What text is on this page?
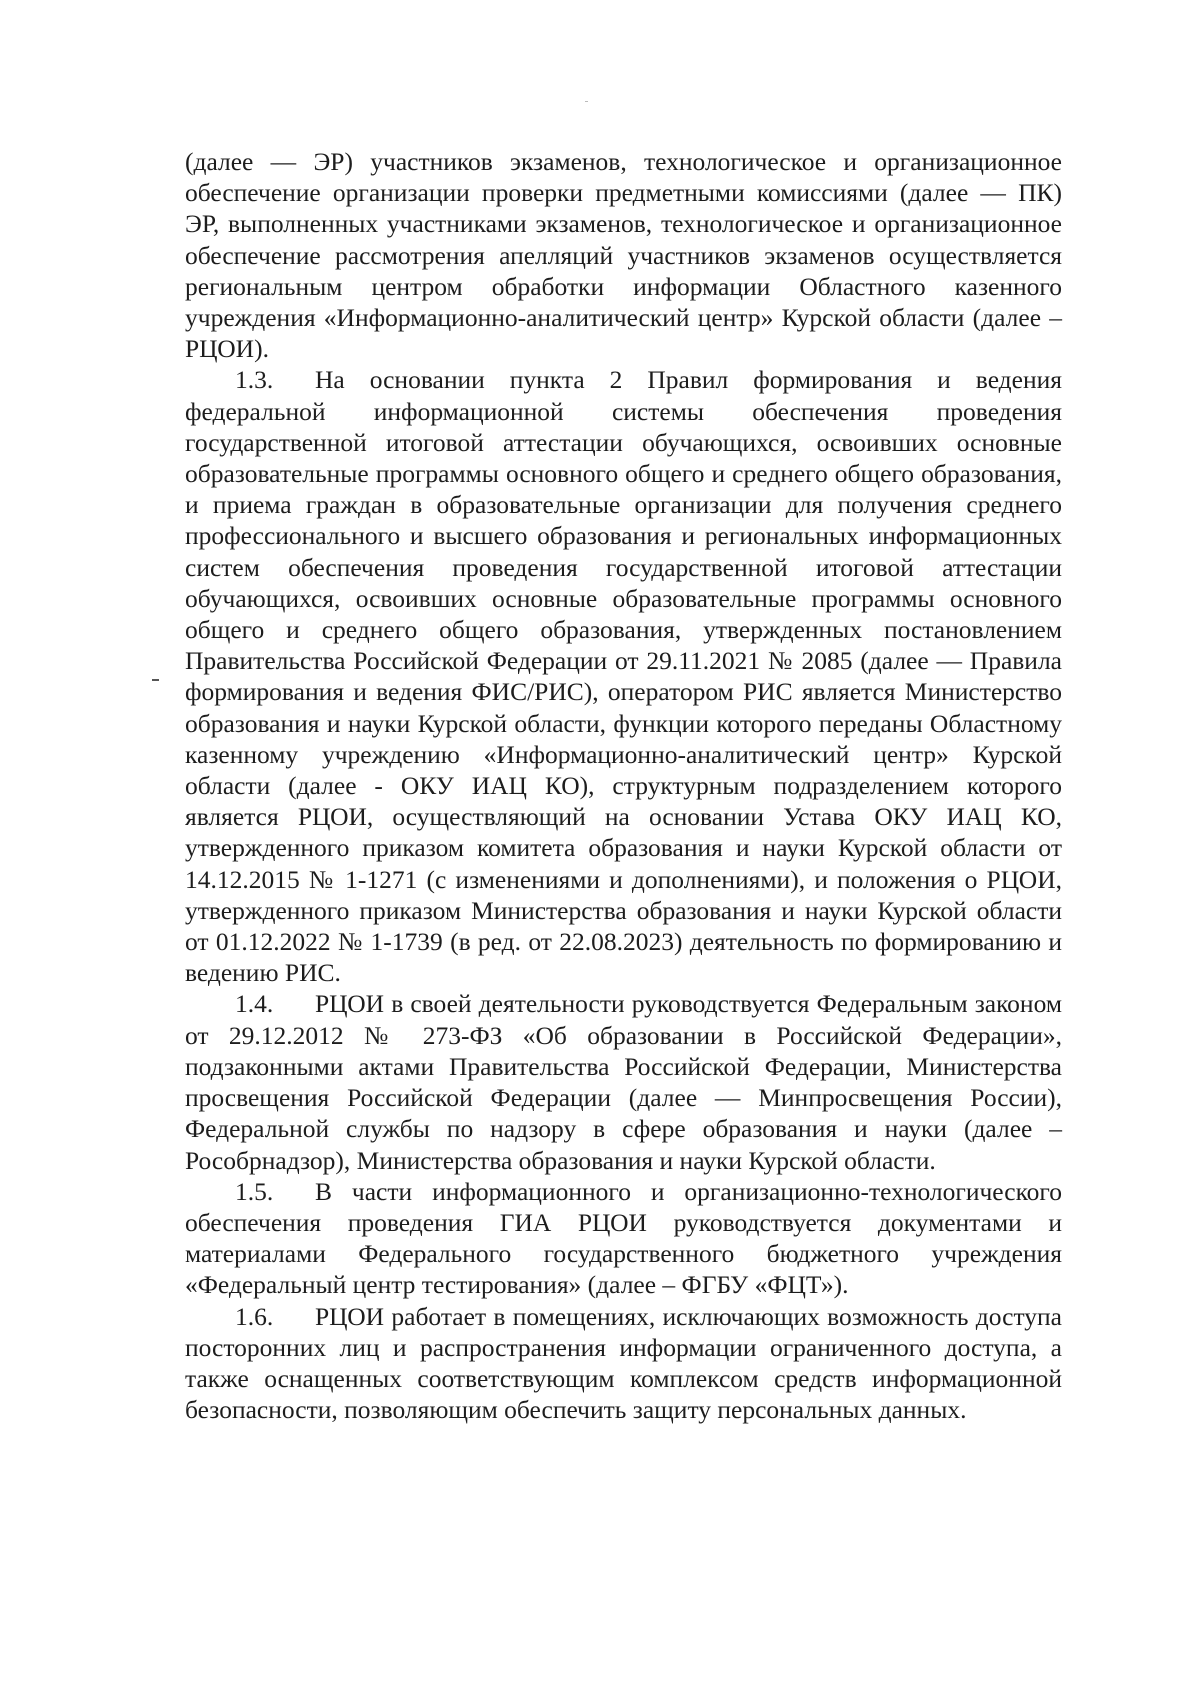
(далее — ЭР) участников экзаменов, технологическое и организационное обеспечение организации проверки предметными комиссиями (далее — ПК) ЭР, выполненных участниками экзаменов, технологическое и организационное обеспечение рассмотрения апелляций участников экзаменов осуществляется региональным центром обработки информации Областного казенного учреждения «Информационно-аналитический центр» Курской области (далее – РЦОИ).

1.3. На основании пункта 2 Правил формирования и ведения федеральной информационной системы обеспечения проведения государственной итоговой аттестации обучающихся, освоивших основные образовательные программы основного общего и среднего общего образования, и приема граждан в образовательные организации для получения среднего профессионального и высшего образования и региональных информационных систем обеспечения проведения государственной итоговой аттестации обучающихся, освоивших основные образовательные программы основного общего и среднего общего образования, утвержденных постановлением Правительства Российской Федерации от 29.11.2021 № 2085 (далее — Правила формирования и ведения ФИС/РИС), оператором РИС является Министерство образования и науки Курской области, функции которого переданы Областному казенному учреждению «Информационно-аналитический центр» Курской области (далее - ОКУ ИАЦ КО), структурным подразделением которого является РЦОИ, осуществляющий на основании Устава ОКУ ИАЦ КО, утвержденного приказом комитета образования и науки Курской области от 14.12.2015 № 1-1271 (с изменениями и дополнениями), и положения о РЦОИ, утвержденного приказом Министерства образования и науки Курской области от 01.12.2022 № 1-1739 (в ред. от 22.08.2023) деятельность по формированию и ведению РИС.

1.4. РЦОИ в своей деятельности руководствуется Федеральным законом от 29.12.2012 № 273-ФЗ «Об образовании в Российской Федерации», подзаконными актами Правительства Российской Федерации, Министерства просвещения Российской Федерации (далее — Минпросвещения России), Федеральной службы по надзору в сфере образования и науки (далее – Рособрнадзор), Министерства образования и науки Курской области.

1.5. В части информационного и организационно-технологического обеспечения проведения ГИА РЦОИ руководствуется документами и материалами Федерального государственного бюджетного учреждения «Федеральный центр тестирования» (далее – ФГБУ «ФЦТ»).

1.6. РЦОИ работает в помещениях, исключающих возможность доступа посторонних лиц и распространения информации ограниченного доступа, а также оснащенных соответствующим комплексом средств информационной безопасности, позволяющим обеспечить защиту персональных данных.
